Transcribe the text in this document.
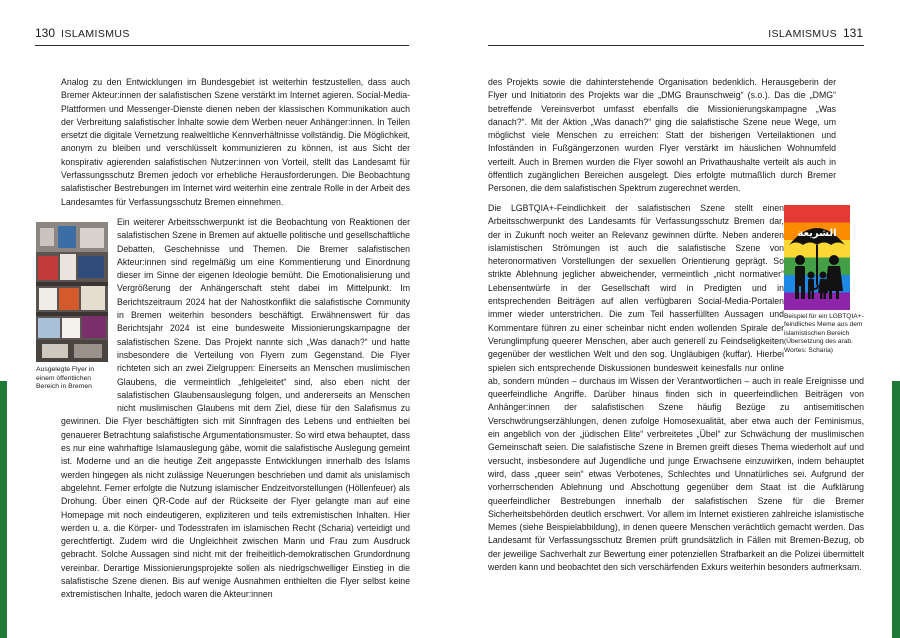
130 ISLAMISMUS

Analog zu den Entwicklungen im Bundesgebiet ist weiterhin festzustellen, dass auch Bremer Akteur:innen der salafistischen Szene verstärkt im Internet agieren. Social-Media-Plattformen und Messenger-Dienste dienen neben der klassischen Kommunikation auch der Verbreitung salafistischer Inhalte sowie dem Werben neuer Anhänger:innen. In Teilen ersetzt die digitale Vernetzung realweltliche Kennverhältnisse vollständig. Die Möglichkeit, anonym zu bleiben und verschlüsselt kommunizieren zu können, ist aus Sicht der konspirativ agierenden salafistischen Nutzer:innen von Vorteil, stellt das Landesamt für Verfassungsschutz Bremen jedoch vor erhebliche Herausforderungen. Die Beobachtung salafistischer Bestrebungen im Internet wird weiterhin eine zentrale Rolle in der Arbeit des Landesamtes für Verfassungsschutz Bremen einnehmen.

Ein weiterer Arbeitsschwerpunkt ist die Beobachtung von Reaktionen der salafistischen Szene in Bremen auf aktuelle politische und gesellschaftliche Debatten, Geschehnisse und Themen. Die Bremer salafistischen Akteur:innen sind regelmäßig um eine Kommentierung und Einordnung dieser im Sinne der eigenen Ideologie bemüht. Die Emotionalisierung und Vergrößerung der Anhängerschaft steht dabei im Mittelpunkt. Im Berichtszeitraum 2024 hat der Nahostkonflikt die salafistische Community in Bremen weiterhin besonders beschäftigt. Erwähnenswert für das Berichtsjahr 2024 ist eine bundesweite Missionierungskampagne der salafistischen Szene. Das Projekt nannte sich „Was danach?“ und hatte insbesondere die Verteilung von Flyern zum Gegenstand. Die Flyer richteten sich an zwei Zielgruppen: Einerseits an Menschen muslimischen Glaubens, die vermeintlich „fehlgeleitet“ sind, also eben nicht der salafistischen Glaubensauslegung folgen, und andererseits an Menschen nicht muslimischen Glaubens mit dem Ziel, diese für den Salafismus zu gewinnen. Die Flyer beschäftigten sich mit Sinnfragen des Lebens und enthielten bei genauerer Betrachtung salafistische Argumentationsmuster. So wird etwa behauptet, dass es nur eine wahrhaftige Islamauslegung gäbe, womit die salafistische Auslegung gemeint ist. Moderne und an die heutige Zeit angepasste Entwicklungen innerhalb des Islams werden hingegen als nicht zulässige Neuerungen beschrieben und damit als unislamisch abgelehnt. Ferner erfolgte die Nutzung islamischer Endzeitvorstellungen (Höllenfeuer) als Drohung. Über einen QR-Code auf der Rückseite der Flyer gelangte man auf eine Homepage mit noch eindeutigeren, expliziteren und teils extremistischen Inhalten. Hier werden u. a. die Körper- und Todesstrafen im islamischen Recht (Scharia) verteidigt und gerechtfertigt. Zudem wird die Ungleichheit zwischen Mann und Frau zum Ausdruck gebracht. Solche Aussagen sind nicht mit der freiheitlich-demokratischen Grundordnung vereinbar. Derartige Missionierungsprojekte sollen als niedrigschwelliger Einstieg in die salafistische Szene dienen. Bis auf wenige Ausnahmen enthielten die Flyer selbst keine extremistischen Inhalte, jedoch waren die Akteur:innen

Ausgelegte Flyer in einem öffentlichen Bereich in Bremen
ISLAMISMUS 131

des Projekts sowie die dahinterstehende Organisation bedenklich. Herausgeberin der Flyer und Initiatorin des Projekts war die „DMG Braunschweig“ (s.o.). Das die „DMG“ betreffende Vereinsverbot umfasst ebenfalls die Missionierungskampagne „Was danach?“. Mit der Aktion „Was danach?“ ging die salafistische Szene neue Wege, um möglichst viele Menschen zu erreichen: Statt der bisherigen Verteilaktionen und Infoständen in Fußgängerzonen wurden Flyer verstärkt im häuslichen Wohnumfeld verteilt. Auch in Bremen wurden die Flyer sowohl an Privathaushalte verteilt als auch in öffentlich zugänglichen Bereichen ausgelegt. Dies erfolgte mutmaßlich durch Bremer Personen, die dem salafistischen Spektrum zugerechnet werden.

Die LGBTQIA+-Feindlichkeit der salafistischen Szene stellt einen Arbeitsschwerpunkt des Landesamts für Verfassungsschutz Bremen dar, der in Zukunft noch weiter an Relevanz gewinnen dürfte. Neben anderen islamistischen Strömungen ist auch die salafistische Szene von heteronormativen Vorstellungen der sexuellen Orientierung geprägt. So strikte Ablehnung jeglicher abweichender, vermeintlich „nicht normativer“ Lebensentwürfe in der Gesellschaft wird in Predigten und in entsprechenden Beiträgen auf allen verfügbaren Social-Media-Portalen immer wieder unterstrichen. Die zum Teil hasserfüllten Aussagen und Kommentare führen zu einer scheinbar nicht enden wollenden Spirale der Verunglimpfung queerer Menschen, aber auch generell zu Feindseligkeiten gegenüber der westlichen Welt und den sog. Ungläubigen (kuffar). Hierbei spielen sich entsprechende Diskussionen bundesweit keinesfalls nur online ab, sondern münden – durchaus im Wissen der Verantwortlichen – auch in reale Ereignisse und queerfeindliche Angriffe. Darüber hinaus finden sich in queerfeindlichen Beiträgen von Anhänger:innen der salafistischen Szene häufig Bezüge zu antisemitischen Verschwörungserzählungen, denen zufolge Homosexualität, aber etwa auch der Feminismus, ein angeblich von der „jüdischen Elite“ verbreitetes „Übel“ zur Schwächung der muslimischen Gemeinschaft seien. Die salafistische Szene in Bremen greift dieses Thema wiederholt auf und versucht, insbesondere auf Jugendliche und junge Erwachsene einzuwirken, indem behauptet wird, dass „queer sein“ etwas Verbotenes, Schlechtes und Unnatürliches sei. Aufgrund der vorherrschenden Ablehnung und Abschottung gegenüber dem Staat ist die Aufklärung queerfeindlicher Bestrebungen innerhalb der salafistischen Szene für die Bremer Sicherheitsbehörden deutlich erschwert. Vor allem im Internet existieren zahlreiche islamistische Memes (siehe Beispielabbildung), in denen queere Menschen verächtlich gemacht werden. Das Landesamt für Verfassungsschutz Bremen prüft grundsätzlich in Fällen mit Bremen-Bezug, ob der jeweilige Sachverhalt zur Bewertung einer potenziellen Strafbarkeit an die Polizei übermittelt werden kann und beobachtet den sich verschärfenden Exkurs weiterhin besonders aufmerksam.

الشريعة
Beispiel für ein LGBTQIA+-feindliches Meme aus dem islamistischen Bereich (Übersetzung des arab. Wortes: Scharia)
